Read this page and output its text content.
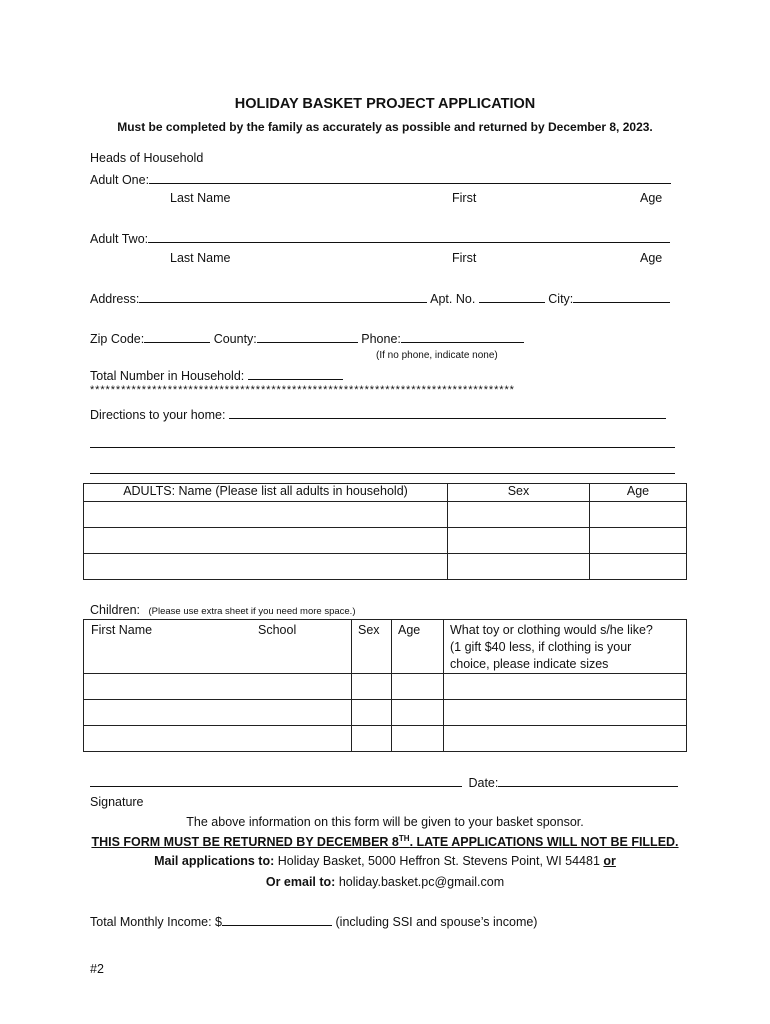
HOLIDAY BASKET PROJECT APPLICATION
Must be completed by the family as accurately as possible and returned by December 8, 2023.
Heads of Household
Adult One:
Last Name	First	Age
Adult Two:
Last Name	First	Age
Address:	Apt. No.	City:
Zip Code:	County:	Phone:
(If no phone, indicate none)
Total Number in Household:
**********************************************************************************
Directions to your home:
ADULTS: Name (Please list all adults in household)	Sex	Age

Children: (Please use extra sheet if you need more space.)
First Name School	Sex	Age	What toy or clothing would s/he like? (1 gift $40 less, if clothing is your choice, please indicate sizes

Date:
Signature
The above information on this form will be given to your basket sponsor.
THIS FORM MUST BE RETURNED BY DECEMBER 8TH. LATE APPLICATIONS WILL NOT BE FILLED.
Mail applications to: Holiday Basket, 5000 Heffron St. Stevens Point, WI 54481 or
Or email to: holiday.basket.pc@gmail.com
Total Monthly Income: $	(including SSI and spouse’s income)
#2
